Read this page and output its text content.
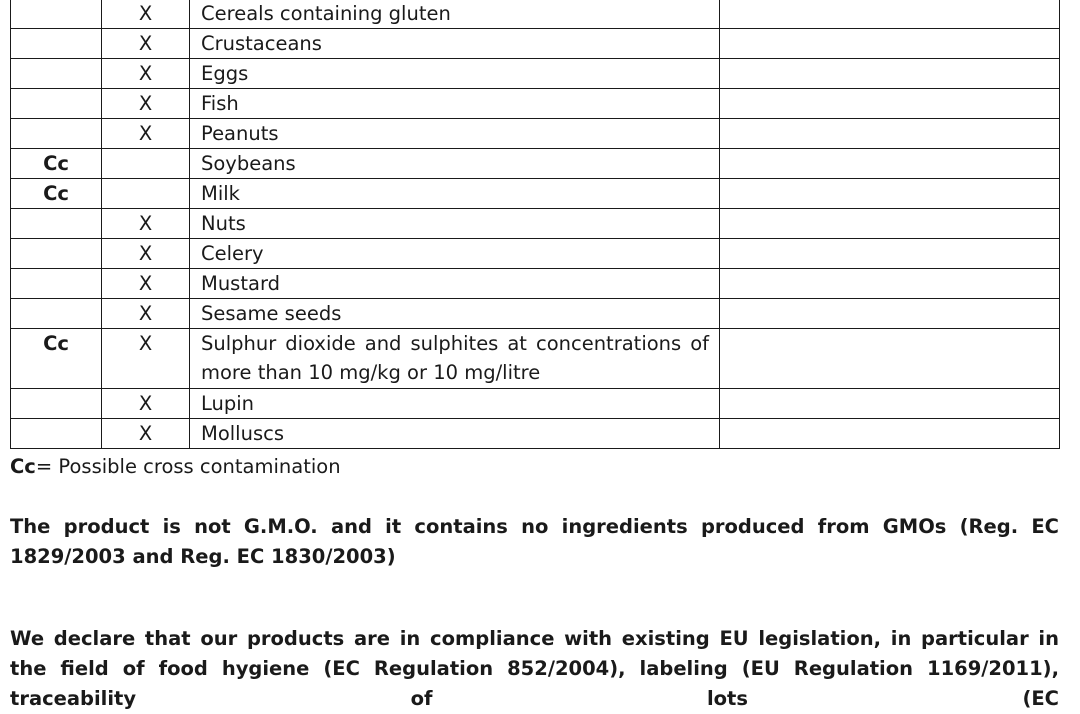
	X	Cereals containing gluten	
	X	Crustaceans	
	X	Eggs	
	X	Fish	
	X	Peanuts	
Cc		Soybeans	
Cc		Milk	
	X	Nuts	
	X	Celery	
	X	Mustard	
	X	Sesame seeds	
Cc	X	Sulphur dioxide and sulphites at concentrations of more than 10 mg/kg or 10 mg/litre	

	X	Lupin	
	X	Molluscs	
Cc= Possible cross contamination
The product is not G.M.O. and it contains no ingredients produced from GMOs (Reg. EC 1829/2003 and Reg. EC 1830/2003)
We declare that our products are in compliance with existing EU legislation, in particular in the field of food hygiene (EC Regulation 852/2004), labeling (EU Regulation 1169/2011), traceability of lots (EC
